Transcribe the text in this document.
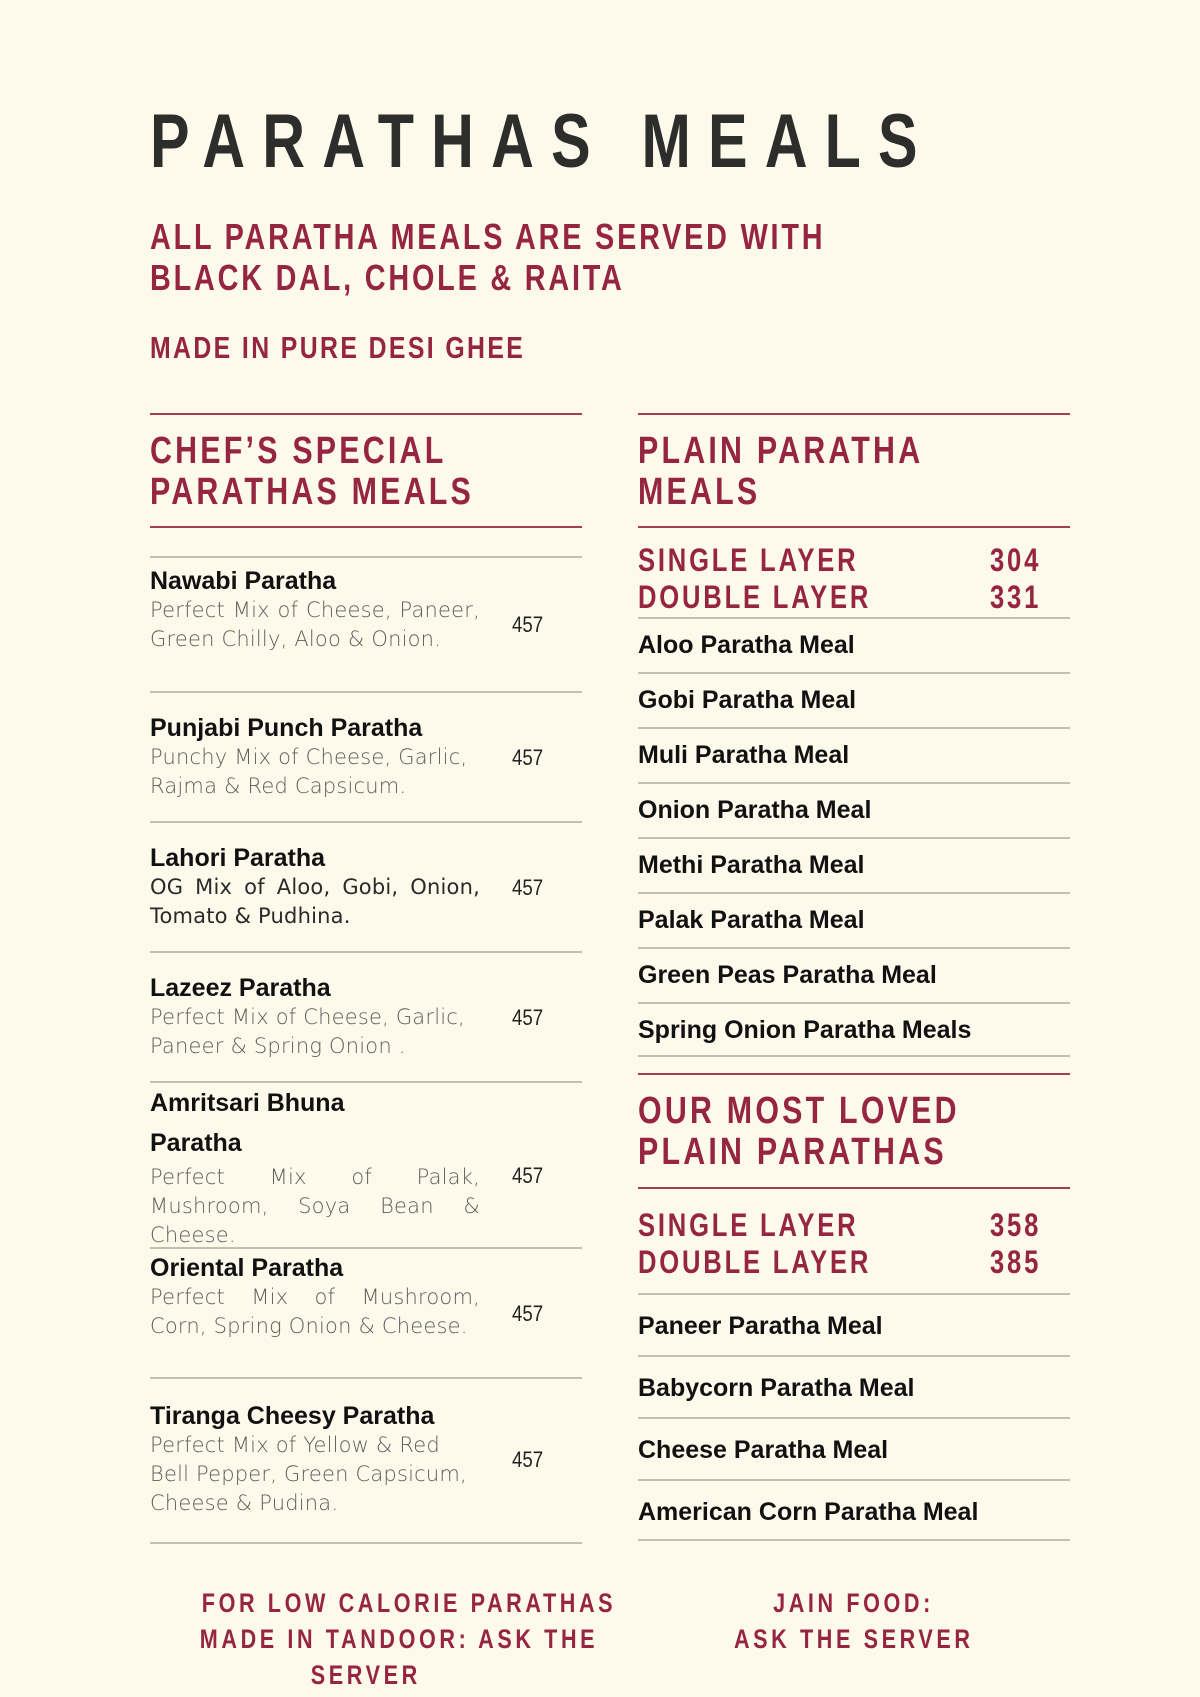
PARATHAS MEALS
ALL PARATHA MEALS ARE SERVED WITH
BLACK DAL, CHOLE & RAITA
MADE IN PURE DESI GHEE
CHEF’S SPECIAL
PARATHAS MEALS
Nawabi Paratha
Perfect Mix of Cheese, Paneer, Green Chilly, Aloo & Onion.
457
Punjabi Punch Paratha
Punchy Mix of Cheese, Garlic, Rajma & Red Capsicum.
457
Lahori Paratha
OG Mix of Aloo, Gobi, Onion, Tomato & Pudhina.
457
Lazeez Paratha
Perfect Mix of Cheese, Garlic, Paneer & Spring Onion .
457
Amritsari Bhuna Paratha
Perfect Mix of Palak, Mushroom, Soya Bean & Cheese.
457
Oriental Paratha
Perfect Mix of Mushroom, Corn, Spring Onion & Cheese.	457
Tiranga Cheesy Paratha
Perfect Mix of Yellow & Red Bell Pepper, Green Capsicum, Cheese & Pudina.
457
PLAIN PARATHA
MEALS
SINGLE LAYER	304
DOUBLE LAYER	331
Aloo Paratha Meal
Gobi Paratha Meal
Muli Paratha Meal
Onion Paratha Meal
Methi Paratha Meal
Palak Paratha Meal
Green Peas Paratha Meal
Spring Onion Paratha Meals
OUR MOST LOVED
PLAIN PARATHAS
SINGLE LAYER	358
DOUBLE LAYER	385
Paneer Paratha Meal
Babycorn Paratha Meal
Cheese Paratha Meal
American Corn Paratha Meal
FOR LOW CALORIE PARATHAS
MADE IN TANDOOR: ASK THE
SERVER
JAIN FOOD:
ASK THE SERVER
